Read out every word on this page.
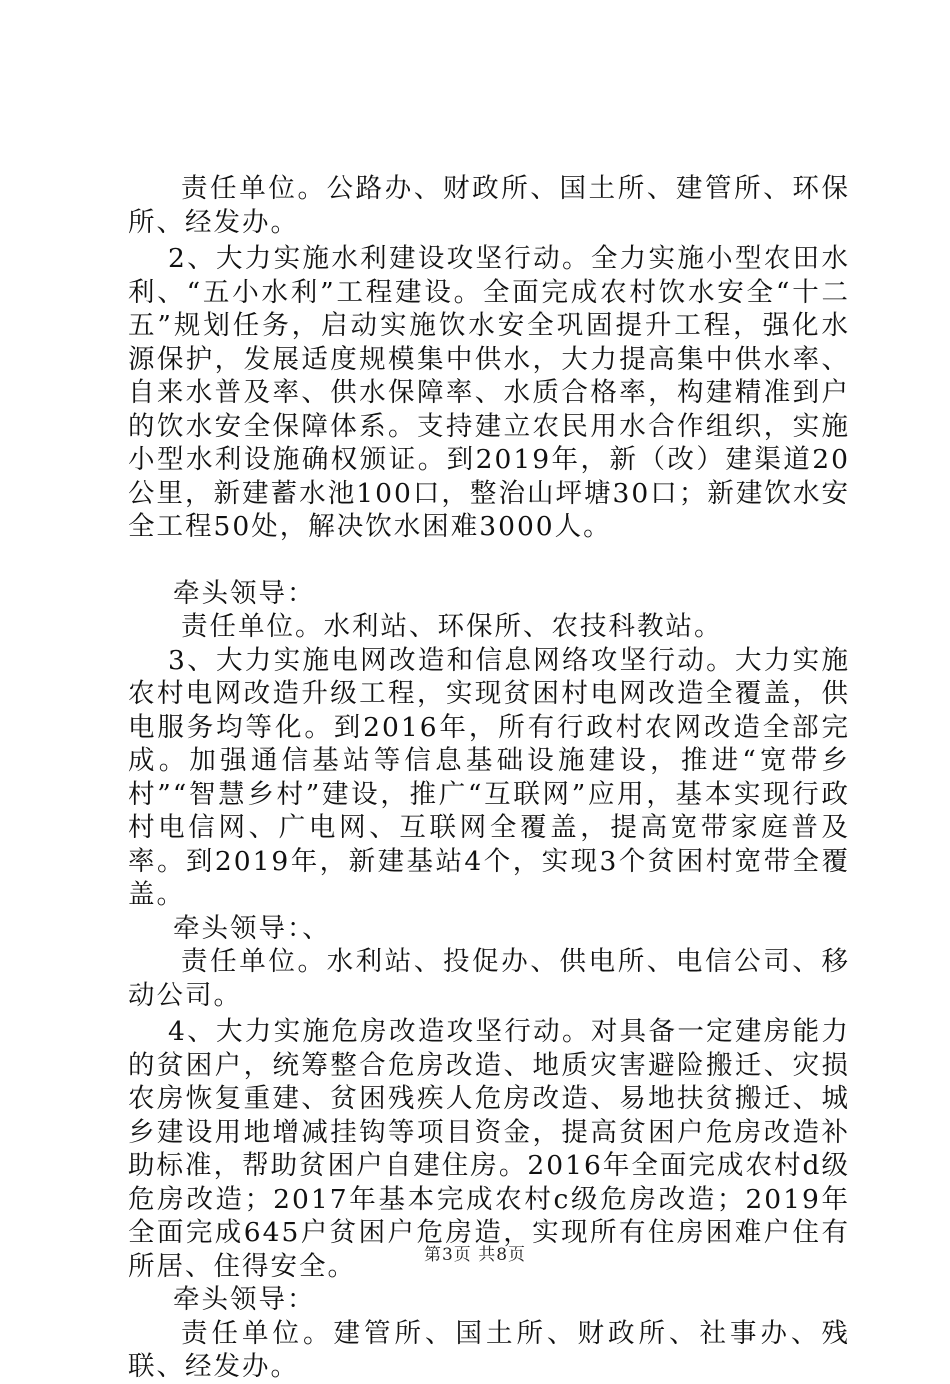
责任单位。公路办、财政所、国土所、建管所、环保所、经发办。

2、大力实施水利建设攻坚行动。全力实施小型农田水利、“五小水利”工程建设。全面完成农村饮水安全“十二五”规划任务，启动实施饮水安全巩固提升工程，强化水源保护，发展适度规模集中供水，大力提高集中供水率、自来水普及率、供水保障率、水质合格率，构建精准到户的饮水安全保障体系。支持建立农民用水合作组织，实施小型水利设施确权颁证。到2019年，新（改）建渠道20公里，新建蓄水池100口，整治山坪塘30口；新建饮水安全工程50处，解决饮水困难3000人。

牵头领导：

责任单位。水利站、环保所、农技科教站。

3、大力实施电网改造和信息网络攻坚行动。大力实施农村电网改造升级工程，实现贫困村电网改造全覆盖，供电服务均等化。到2016年，所有行政村农网改造全部完成。加强通信基站等信息基础设施建设，推进“宽带乡村”“智慧乡村”建设，推广“互联网”应用，基本实现行政村电信网、广电网、互联网全覆盖，提高宽带家庭普及率。到2019年，新建基站4个，实现3个贫困村宽带全覆盖。

牵头领导：、

责任单位。水利站、投促办、供电所、电信公司、移动公司。

4、大力实施危房改造攻坚行动。对具备一定建房能力的贫困户，统筹整合危房改造、地质灾害避险搬迁、灾损农房恢复重建、贫困残疾人危房改造、易地扶贫搬迁、城乡建设用地增减挂钩等项目资金，提高贫困户危房改造补助标准，帮助贫困户自建住房。2016年全面完成农村d级危房改造；2017年基本完成农村c级危房改造；2019年全面完成645户贫困户危房造，实现所有住房困难户住有所居、住得安全。

牵头领导：

责任单位。建管所、国土所、财政所、社事办、残联、经发办。

第3页 共8页
